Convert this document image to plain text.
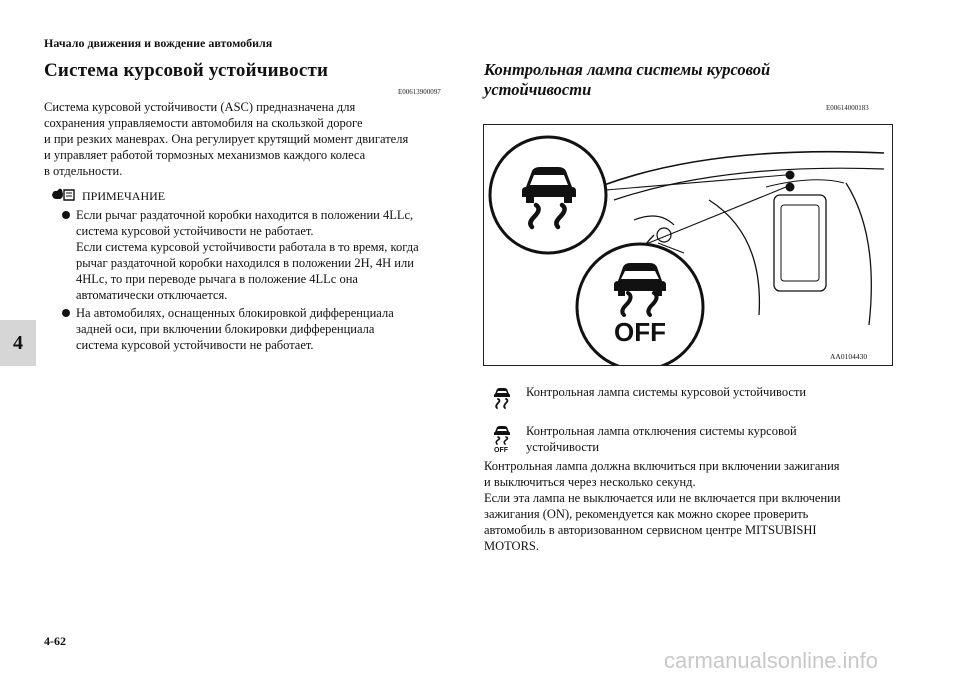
Начало движения и вождение автомобиля
4
Система курсовой устойчивости
E00613900097
Система курсовой устойчивости (ASC) предназначена для
сохранения управляемости автомобиля на скользкой дороге
и при резких маневрах. Она регулирует крутящий момент двигателя
и управляет работой тормозных механизмов каждого колеса
в отдельности.
ПРИМЕЧАНИЕ
Если рычаг раздаточной коробки находится в положении 4LLc,
система курсовой устойчивости не работает.
Если система курсовой устойчивости работала в то время, когда
рычаг раздаточной коробки находился в положении 2H, 4H или
4HLc, то при переводе рычага в положение 4LLc она
автоматически отключается.
На автомобилях, оснащенных блокировкой дифференциала
задней оси, при включении блокировки дифференциала
система курсовой устойчивости не работает.
Контрольная лампа системы курсовой
устойчивости
E00614000183
OFF
AA0104430
Контрольная лампа системы курсовой устойчивости
OFF
Контрольная лампа отключения системы курсовой
устойчивости
Контрольная лампа должна включиться при включении зажигания
и выключиться через несколько секунд.
Если эта лампа не выключается или не включается при включении
зажигания (ON), рекомендуется как можно скорее проверить
автомобиль в авторизованном сервисном центре MITSUBISHI
MOTORS.
4-62
carmanualsonline.info
